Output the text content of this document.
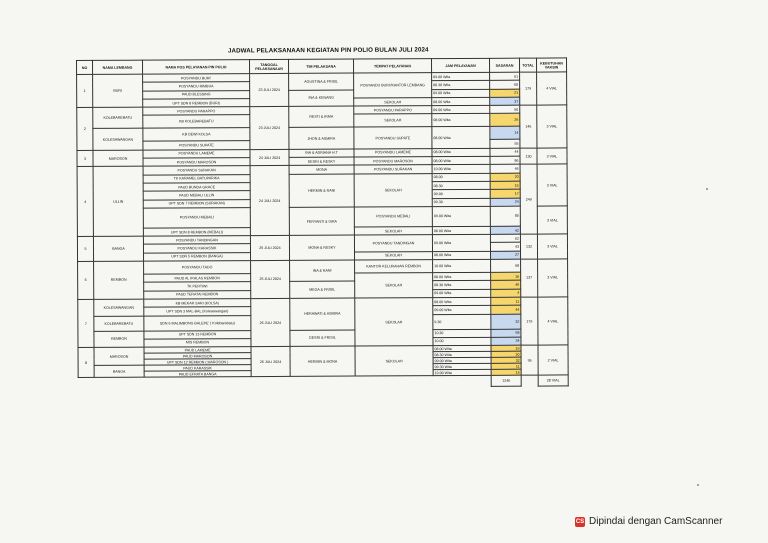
JADWAL PELAKSANAAN KEGIATAN PIN POLIO BULAN JULI 2024
NO	NAMA LEMBANG	NAMA POS PELAYANAN PIN POLIO	TANGGAL PELAKSANAAN	TIM PELAKSANA	TEMPAT PELAYANAN	JAM PELAYANAN	SASARAN	TOTAL	KEBUTUHAN VAKSIN
1	BURI	POSYANDU BURI'	23 JULI 2024	AGUSTINA & FRISIL	POSYANDU BURI'/KANTOR LEMBANG	09.00 Wita	61	179	4 VIAL
		POSYANDU RIMBUA				08.30 Wita	60		
		PAUD BLESSING		INA & KENANG		09.00 Wita	21		
		UPT SDN 8 REMBON (BURI)			SEKOLAH	08.00 Wita	37		
2	KOLEBAREBATU	POSYANDU PARAPPO	23 JULI 2024	RESTI & IRMA	POSYANDU PARAPPO	09.00 Wita	50	145	3 VIAL
		KB KOLEBAREBATU			SEKOLAH	08.00 Wita	26		
	KOLESAWANGAN	KB DEWI KOLSA		JHON & ASMIRA	POSYANDU SUPATE	08.00 Wita	14		
		POSYANDU SUPATE					55		
3	MAROSON	POSYANDU LAMEME	24 JULI 2024	INA & ADRIANA H.T	POSYANDU LAMEME	08.00 Wita	44	130	3 VIAL
		POSYANDU MAROSON		DESRI & RESKY	POSYANDU MAROSON	08.00 Wita	86		
4	ULLIN	POSYANDU SURAKAN	24 JULI 2024	MONA	POSYANDU SURAKAN	10.00 Wita	46	249	3 VIAL
		TK KARAMEL BATUPARIKA		HERMIN & RANI	SEKOLAH	08.00	20		
		PAUD BUNDA GRACE				08.30	15		
		PAUD MEBALI ULLIN				09.00	17		
		UPT SDN 7 REMBON (SURAKAN)				09.30	24		
		POSYANDU MEBALI		FERYANTI & ISRA	POSYANDU MEBALI	09.00 Wita	85		3 VIAL
		UPT SDN 8 REMBON (MEBALI)			SEKOLAH	08.00 Wita	42		
5	BANGA	POSYANDU TANDINGAN	25 JULI 2024	MONA & RESKY	POSYANDU TANDINGAN	09.00 Wita	62	132	3 VIAL
		POSYANDU KARASSIK					43		
		UPT SDN 5 REMBON (BANGA)			SEKOLAH	08.00 Wita	27		
6	REMBON	POSYANDU TADO	25 JULI 2024	INA & RANI	KANTOR KELURAHAN REMBON	10.00 Wita	68	137	3 VIAL
		PAUD AL IKHLAS REMBON			SEKOLAH	08.00 Wita	16		
		TK PERTIWI		MEGA & FRISIL		08.30 Wita	49		
		PAUD TERATAI REMBON				09.00 Wita	4		
7	KOLESAWANGAN	KB MEKAR SARI (KOLSA)	26 JULI 2024	HERAWATI & ASMIRA	SEKOLAH	08.00 Wita	11	179	4 VIAL
		UPT SDN 3 MAL-BAL (Kolesawangan)				09.00 Wita	44		
	KOLEBAREBATU	SDN 6 MALIMBONG BALEPE' ( Kolebarebatu)				9.30	32		
	REMBON	UPT SDN 13 REMBON		DESRI & FRISIL		10.30	58		
		MIS REMBON				10.00	34		
8	MAROSON	PAUD LAMEME	26 JULI 2024	HERMIN & MONA	SEKOLAH	08.00 Wita	19	95	2 VIAL
		PAUD MAROSON				08.30 Wita	20		
		UPT SDN 12 REMBON ( MAROSON )				09.00 Wita	32		
	BANGA	PAUD KARASSIK				09.30 Wita	11		
		PAUD EFRATA BANGA				10.00 Wita	14		
							1246		28 VIAL
CS Dipindai dengan CamScanner
